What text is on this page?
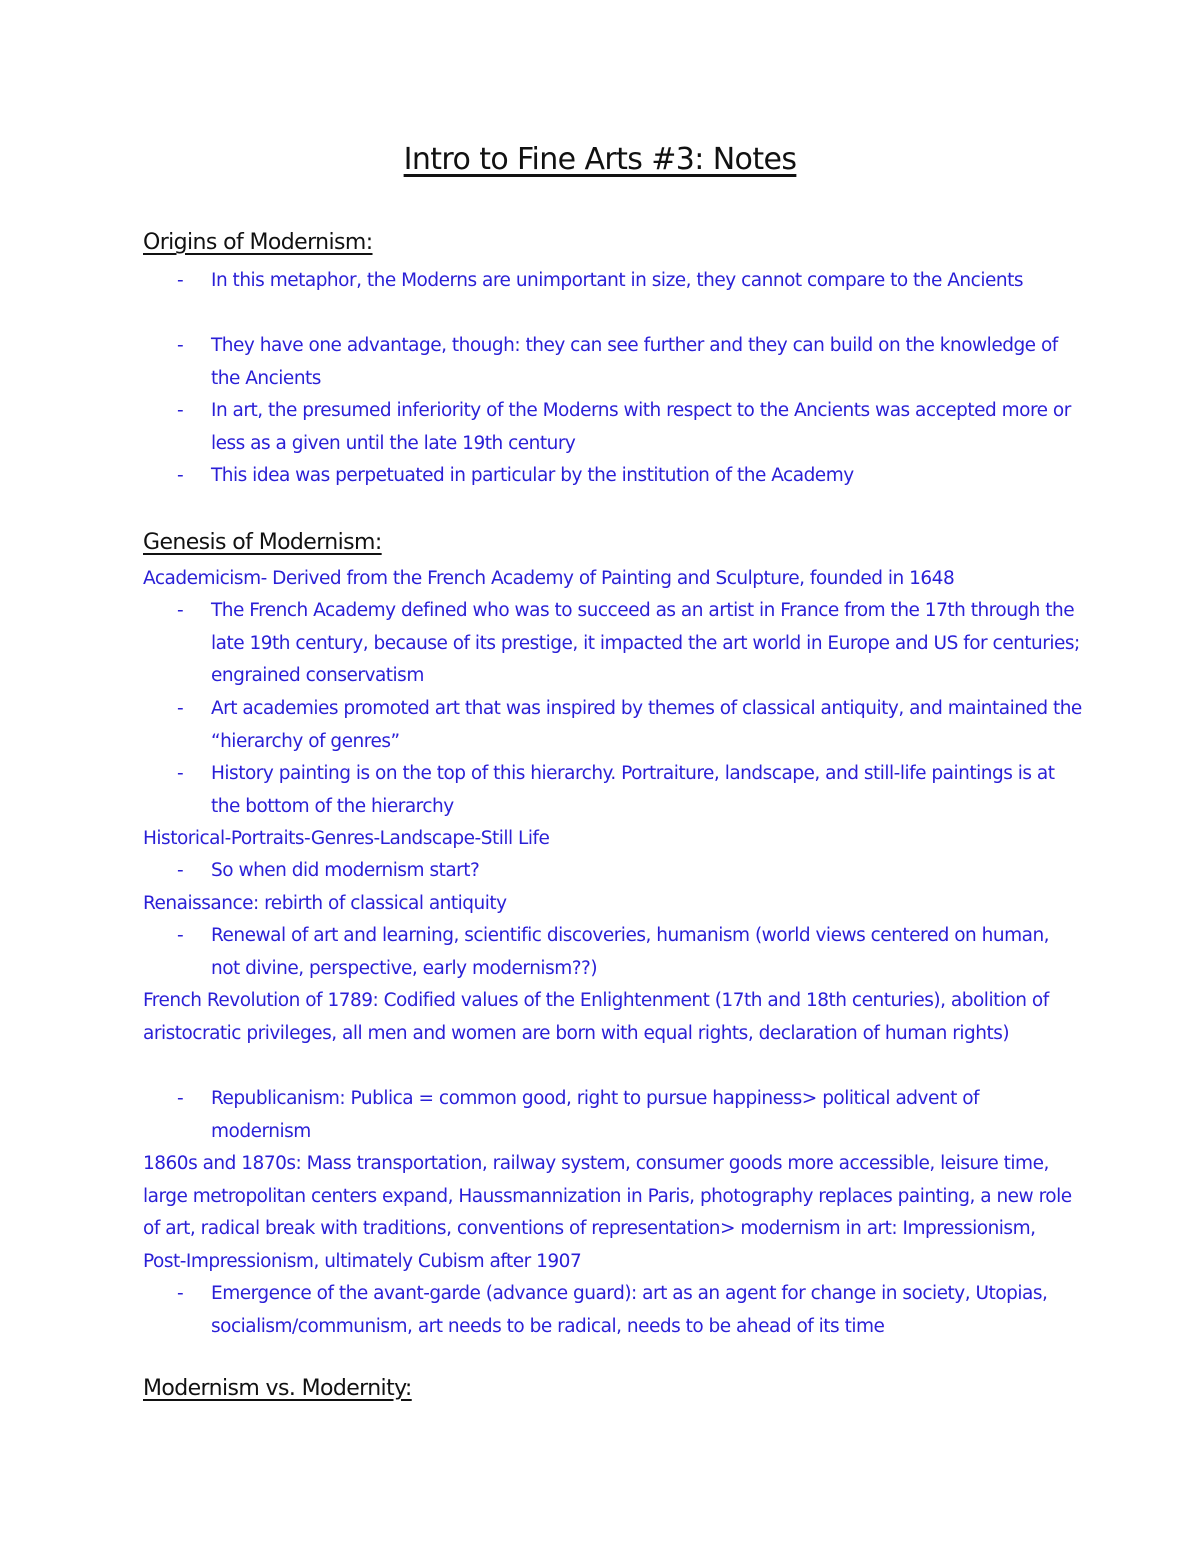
Intro to Fine Arts #3: Notes
Origins of Modernism:
- In this metaphor, the Moderns are unimportant in size, they cannot compare to the Ancients
- They have one advantage, though: they can see further and they can build on the knowledge of the Ancients
- In art, the presumed inferiority of the Moderns with respect to the Ancients was accepted more or less as a given until the late 19th century
- This idea was perpetuated in particular by the institution of the Academy
Genesis of Modernism:
Academicism- Derived from the French Academy of Painting and Sculpture, founded in 1648
- The French Academy defined who was to succeed as an artist in France from the 17th through the late 19th century, because of its prestige, it impacted the art world in Europe and US for centuries; engrained conservatism
- Art academies promoted art that was inspired by themes of classical antiquity, and maintained the “hierarchy of genres”
- History painting is on the top of this hierarchy. Portraiture, landscape, and still-life paintings is at the bottom of the hierarchy
Historical-Portraits-Genres-Landscape-Still Life
- So when did modernism start?
Renaissance: rebirth of classical antiquity
- Renewal of art and learning, scientific discoveries, humanism (world views centered on human, not divine, perspective, early modernism??)
French Revolution of 1789: Codified values of the Enlightenment (17th and 18th centuries), abolition of aristocratic privileges, all men and women are born with equal rights, declaration of human rights)
- Republicanism: Publica = common good, right to pursue happiness> political advent of modernism
1860s and 1870s: Mass transportation, railway system, consumer goods more accessible, leisure time, large metropolitan centers expand, Haussmannization in Paris, photography replaces painting, a new role of art, radical break with traditions, conventions of representation> modernism in art: Impressionism, Post-Impressionism, ultimately Cubism after 1907
- Emergence of the avant-garde (advance guard): art as an agent for change in society, Utopias, socialism/communism, art needs to be radical, needs to be ahead of its time
Modernism vs. Modernity:
